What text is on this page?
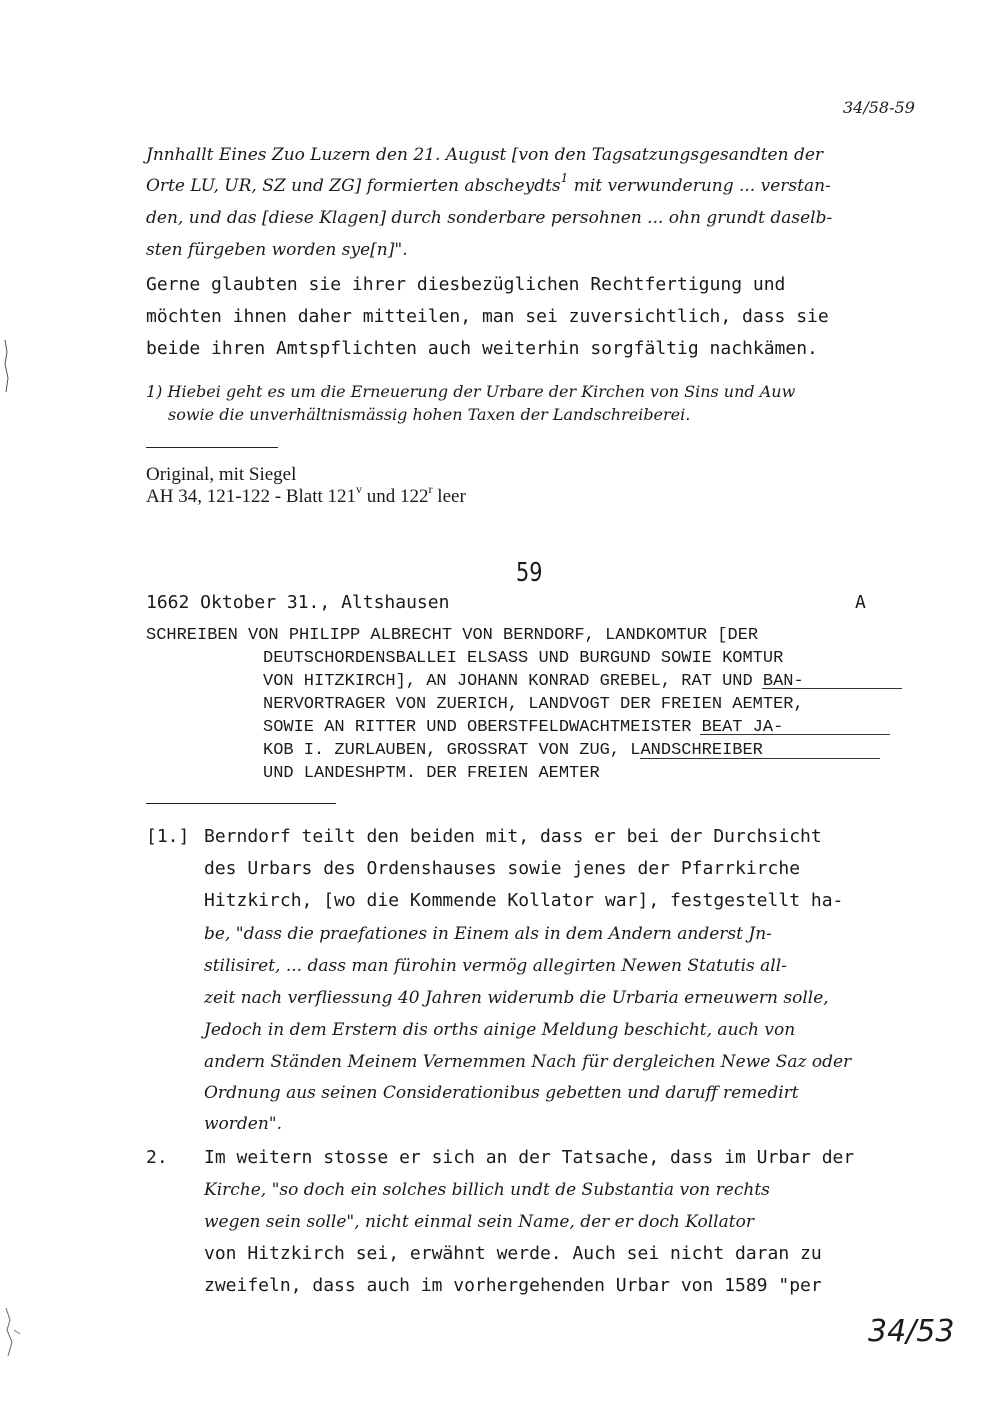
34/58-59
Jnnhallt Eines Zuo Luzern den 21. August [von den Tagsatzungsgesandten der
Orte LU, UR, SZ und ZG] formierten abscheydts$^1$ mit verwunderung ... verstan-
den, und das [diese Klagen] durch sonderbare persohnen ... ohn grundt daselb-
sten fürgeben worden sye[n]".
Gerne glaubten sie ihrer diesbezüglichen Rechtfertigung und
möchten ihnen daher mitteilen, man sei zuversichtlich, dass sie
beide ihren Amtspflichten auch weiterhin sorgfältig nachkämen.
1) Hiebei geht es um die Erneuerung der Urbare der Kirchen von Sins und Auw
sowie die unverhältnismässig hohen Taxen der Landschreiberei.
Original, mit Siegel
AH 34, 121-122 - Blatt 121$^v$ und 122$^r$ leer
59
1662 Oktober 31., Altshausen	A
SCHREIBEN VON PHILIPP ALBRECHT VON BERNDORF, LANDKOMTUR [DER
DEUTSCHORDENSBALLEI ELSASS UND BURGUND SOWIE KOMTUR
VON HITZKIRCH], AN JOHANN KONRAD GREBEL, RAT UND BAN-
NERVORTRAGER VON ZUERICH, LANDVOGT DER FREIEN AEMTER,
SOWIE AN RITTER UND OBERSTFELDWACHTMEISTER BEAT JA-
KOB I. ZURLAUBEN, GROSSRAT VON ZUG, LANDSCHREIBER
UND LANDESHPTM. DER FREIEN AEMTER
[1.] Berndorf teilt den beiden mit, dass er bei der Durchsicht
des Urbars des Ordenshauses sowie jenes der Pfarrkirche
Hitzkirch, [wo die Kommende Kollator war], festgestellt ha-
be, "dass die praefationes in Einem als in dem Andern anderst Jn-
stilisiret, ... dass man fürohin vermög allegirten Newen Statutis all-
zeit nach verfliessung 40 Jahren widerumb die Urbaria erneuwern solle,
Jedoch in dem Erstern dis orths ainige Meldung beschicht, auch von
andern Ständen Meinem Vernemmen Nach für dergleichen Newe Saz oder
Ordnung aus seinen Considerationibus gebetten und daruff remedirt
worden".
2. Im weitern stosse er sich an der Tatsache, dass im Urbar der
Kirche, "so doch ein solches billich undt de Substantia von rechts
wegen sein solle", nicht einmal sein Name, der er doch Kollator
von Hitzkirch sei, erwähnt werde. Auch sei nicht daran zu
zweifeln, dass auch im vorhergehenden Urbar von 1589 "per
34/53
